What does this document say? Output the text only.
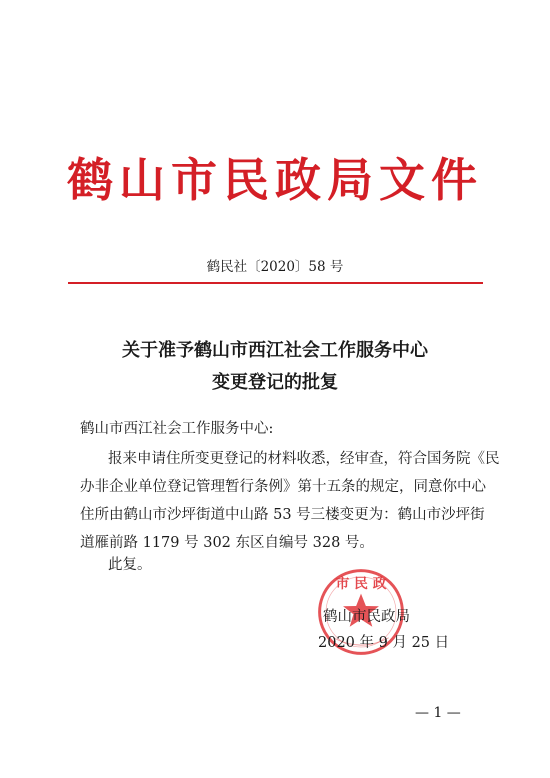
鹤山市民政局文件
鹤民社〔2020〕58 号
关于准予鹤山市西江社会工作服务中心
变更登记的批复
鹤山市西江社会工作服务中心:
报来申请住所变更登记的材料收悉，经审查，符合国务院《民
办非企业单位登记管理暂行条例》第十五条的规定，同意你中心
住所由鹤山市沙坪街道中山路 53 号三楼变更为：鹤山市沙坪街
道雁前路 1179 号 302 东区自编号 328 号。
此复。
市 民 政
鹤山市民政局
2020 年 9 月 25 日
— 1 —
